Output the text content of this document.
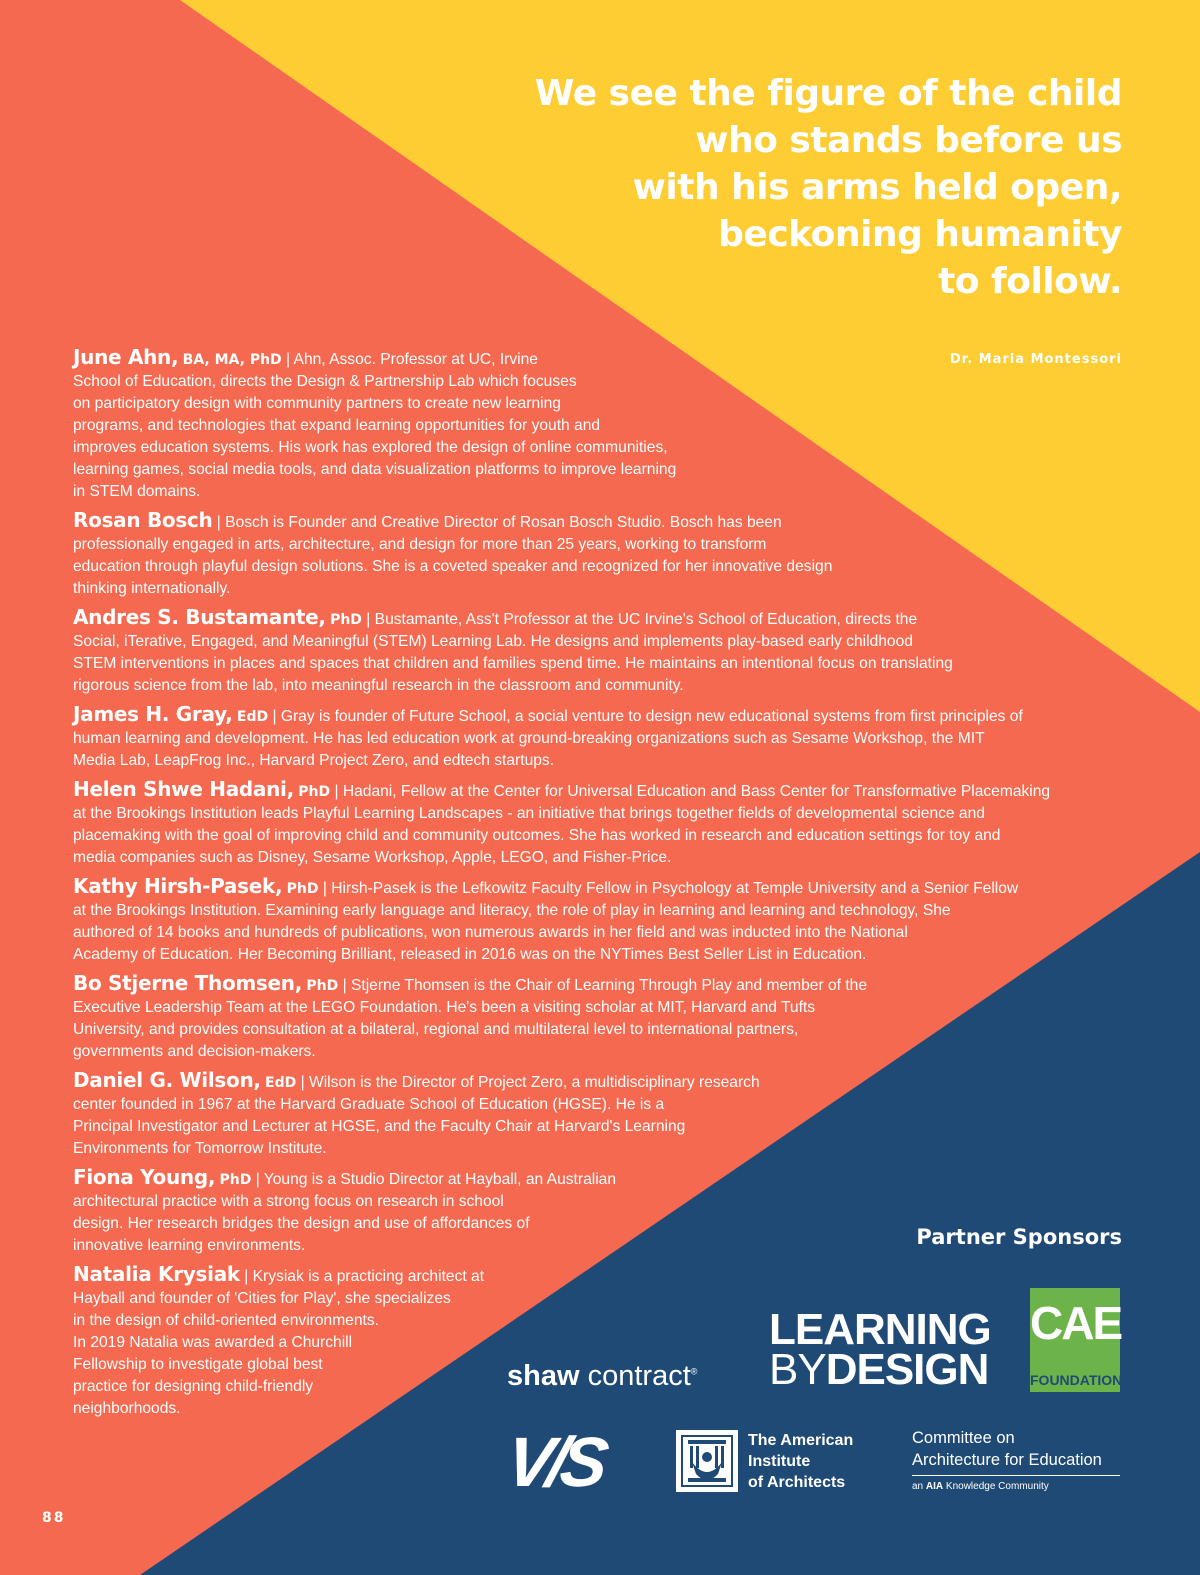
We see the figure of the child
who stands before us
with his arms held open,
beckoning humanity
to follow.
Dr. Maria Montessori
June Ahn, BA, MA, PhD | Ahn, Assoc. Professor at UC, Irvine
School of Education, directs the Design & Partnership Lab which focuses
on participatory design with community partners to create new learning
programs, and technologies that expand learning opportunities for youth and
improves education systems. His work has explored the design of online communities,
learning games, social media tools, and data visualization platforms to improve learning
in STEM domains.
Rosan Bosch | Bosch is Founder and Creative Director of Rosan Bosch Studio. Bosch has been
professionally engaged in arts, architecture, and design for more than 25 years, working to transform
education through playful design solutions. She is a coveted speaker and recognized for her innovative design
thinking internationally.
Andres S. Bustamante, PhD | Bustamante, Ass't Professor at the UC Irvine's School of Education, directs the
Social, iTerative, Engaged, and Meaningful (STEM) Learning Lab. He designs and implements play-based early childhood
STEM interventions in places and spaces that children and families spend time. He maintains an intentional focus on translating
rigorous science from the lab, into meaningful research in the classroom and community.
James H. Gray, EdD | Gray is founder of Future School, a social venture to design new educational systems from first principles of
human learning and development. He has led education work at ground-breaking organizations such as Sesame Workshop, the MIT
Media Lab, LeapFrog Inc., Harvard Project Zero, and edtech startups.
Helen Shwe Hadani, PhD | Hadani, Fellow at the Center for Universal Education and Bass Center for Transformative Placemaking
at the Brookings Institution leads Playful Learning Landscapes - an initiative that brings together fields of developmental science and
placemaking with the goal of improving child and community outcomes. She has worked in research and education settings for toy and
media companies such as Disney, Sesame Workshop, Apple, LEGO, and Fisher-Price.
Kathy Hirsh-Pasek, PhD | Hirsh-Pasek is the Lefkowitz Faculty Fellow in Psychology at Temple University and a Senior Fellow
at the Brookings Institution. Examining early language and literacy, the role of play in learning and learning and technology, She
authored of 14 books and hundreds of publications, won numerous awards in her field and was inducted into the National
Academy of Education. Her Becoming Brilliant, released in 2016 was on the NYTimes Best Seller List in Education.
Bo Stjerne Thomsen, PhD | Stjerne Thomsen is the Chair of Learning Through Play and member of the
Executive Leadership Team at the LEGO Foundation. He's been a visiting scholar at MIT, Harvard and Tufts
University, and provides consultation at a bilateral, regional and multilateral level to international partners,
governments and decision-makers.
Daniel G. Wilson, EdD | Wilson is the Director of Project Zero, a multidisciplinary research
center founded in 1967 at the Harvard Graduate School of Education (HGSE). He is a
Principal Investigator and Lecturer at HGSE, and the Faculty Chair at Harvard's Learning
Environments for Tomorrow Institute.
Fiona Young, PhD | Young is a Studio Director at Hayball, an Australian
architectural practice with a strong focus on research in school
design. Her research bridges the design and use of affordances of
innovative learning environments.
Natalia Krysiak | Krysiak is a practicing architect at
Hayball and founder of 'Cities for Play', she specializes
in the design of child-oriented environments.
In 2019 Natalia was awarded a Churchill
Fellowship to investigate global best
practice for designing child-friendly
neighborhoods.
Partner Sponsors
shaw contract®
LEARNING
BYDESIGN
CAE
FOUNDATION
V/S	The American
Institute
of Architects
Committee on
Architecture for Education
an AIA Knowledge Community
88
